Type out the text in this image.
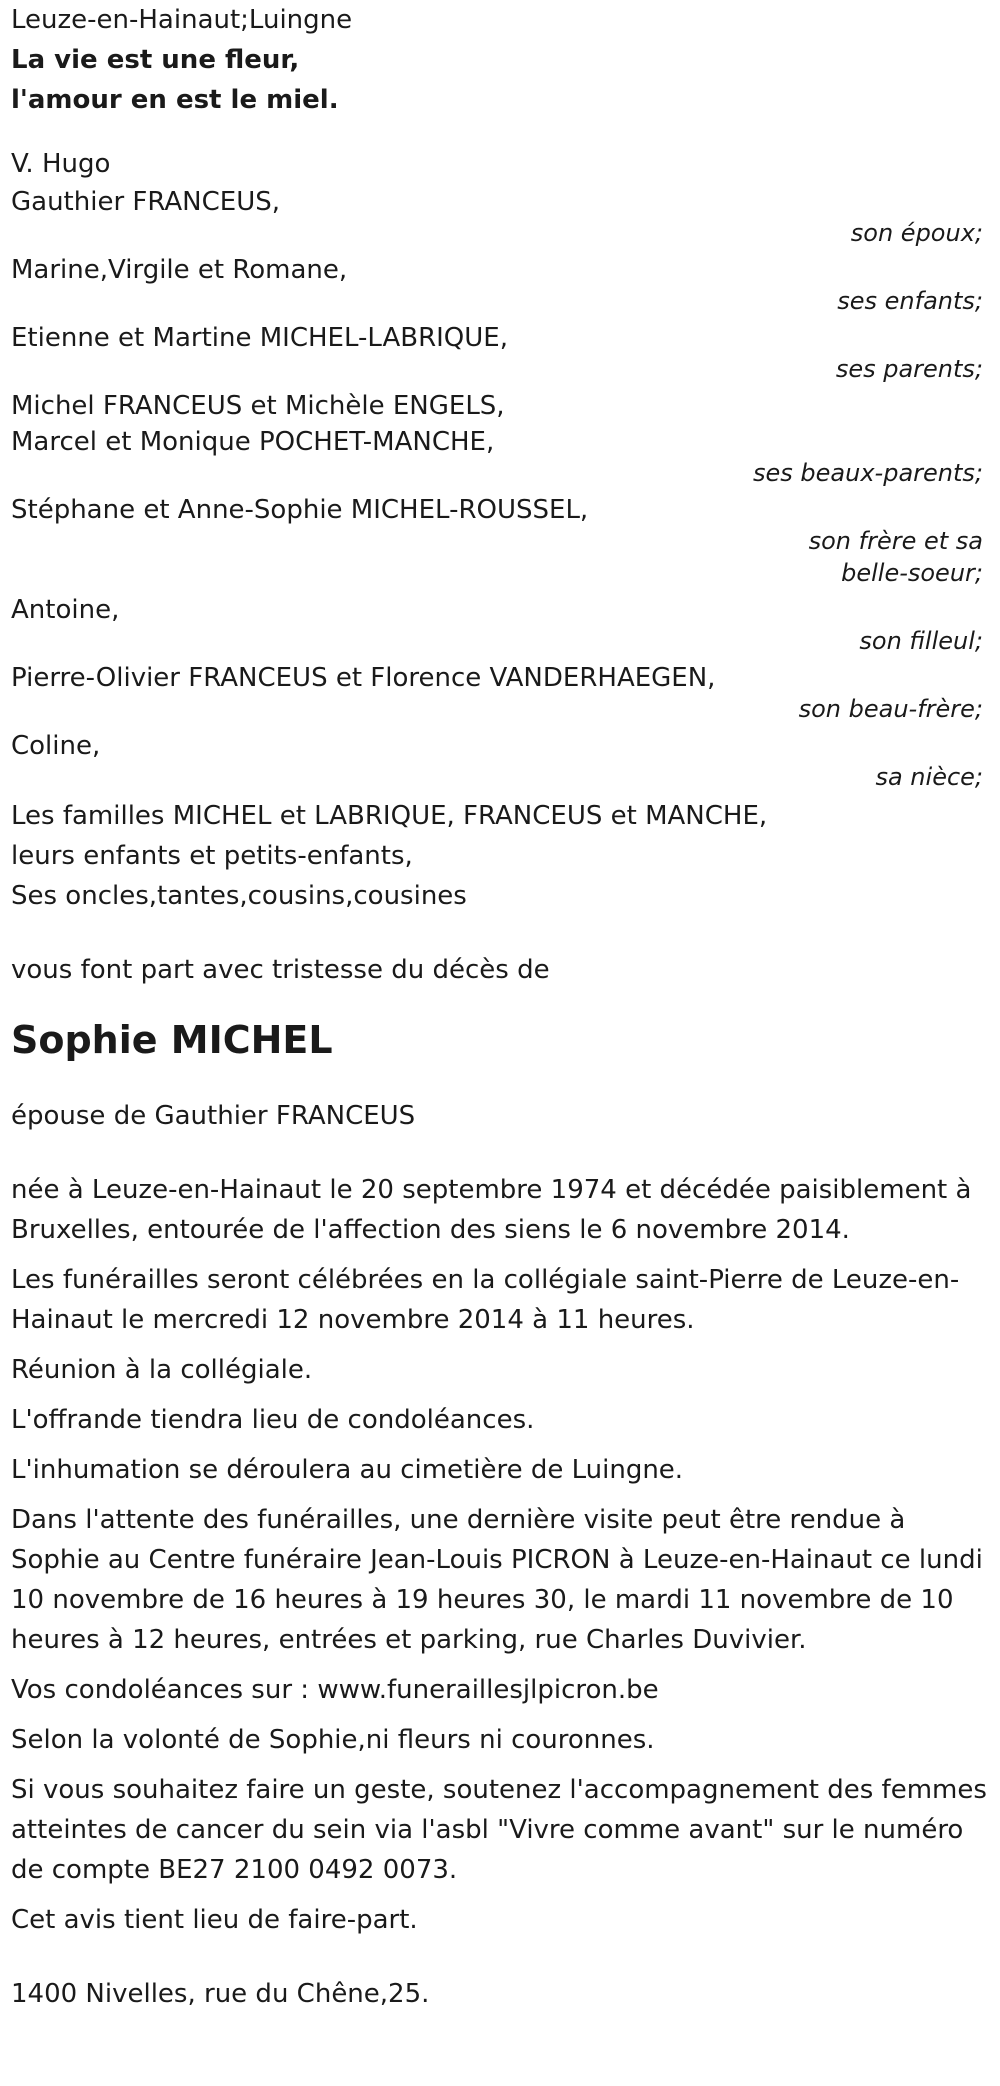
Leuze-en-Hainaut;Luingne
La vie est une fleur,
l'amour en est le miel.
V. Hugo
Gauthier FRANCEUS,
son époux;
Marine,Virgile et Romane,
ses enfants;
Etienne et Martine MICHEL-LABRIQUE,
ses parents;
Michel FRANCEUS et Michèle ENGELS,
Marcel et Monique POCHET-MANCHE,
ses beaux-parents;
Stéphane et Anne-Sophie MICHEL-ROUSSEL,
son frère et sa
belle-soeur;
Antoine,
son filleul;
Pierre-Olivier FRANCEUS et Florence VANDERHAEGEN,
son beau-frère;
Coline,
sa nièce;
Les familles MICHEL et LABRIQUE, FRANCEUS et MANCHE,
leurs enfants et petits-enfants,
Ses oncles,tantes,cousins,cousines
vous font part avec tristesse du décès de
Sophie MICHEL
épouse de Gauthier FRANCEUS
née à Leuze-en-Hainaut le 20 septembre 1974 et décédée paisiblement à Bruxelles, entourée de l'affection des siens le 6 novembre 2014.
Les funérailles seront célébrées en la collégiale saint-Pierre de Leuze-en-Hainaut le mercredi 12 novembre 2014 à 11 heures.
Réunion à la collégiale.
L'offrande tiendra lieu de condoléances.
L'inhumation se déroulera au cimetière de Luingne.
Dans l'attente des funérailles, une dernière visite peut être rendue à Sophie au Centre funéraire Jean-Louis PICRON à Leuze-en-Hainaut ce lundi 10 novembre de 16 heures à 19 heures 30, le mardi 11 novembre de 10 heures à 12 heures, entrées et parking, rue Charles Duvivier.
Vos condoléances sur : www.funeraillesjlpicron.be
Selon la volonté de Sophie,ni fleurs ni couronnes.
Si vous souhaitez faire un geste, soutenez l'accompagnement des femmes atteintes de cancer du sein via l'asbl "Vivre comme avant" sur le numéro de compte BE27 2100 0492 0073.
Cet avis tient lieu de faire-part.
1400 Nivelles, rue du Chêne,25.
